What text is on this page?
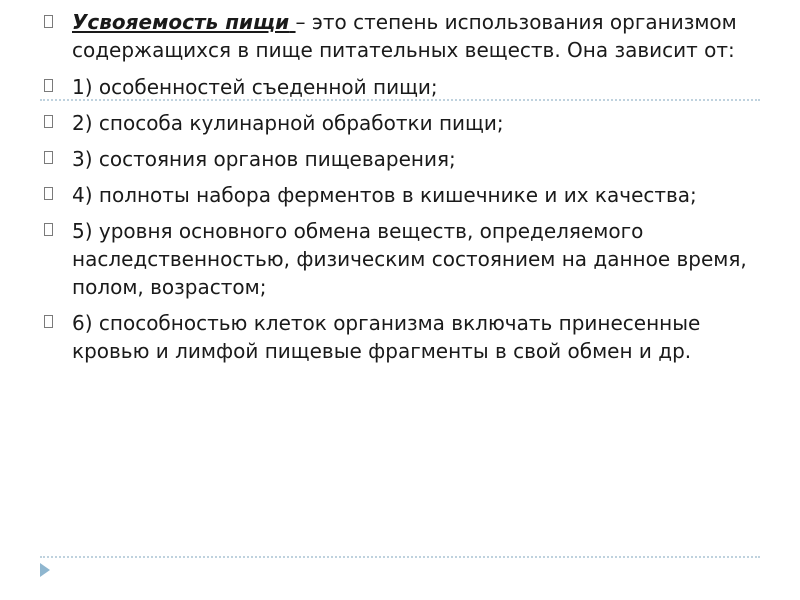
Усвояемость пищи – это степень использования организмом содержащихся в пище питательных веществ. Она зависит от:
1) особенностей съеденной пищи;
2) способа кулинарной обработки пищи;
3) состояния органов пищеварения;
4) полноты набора ферментов в кишечнике и их качества;
5) уровня основного обмена веществ, определяемого наследственностью, физическим состоянием на данное время, полом, возрастом;
6) способностью клеток организма включать принесенные кровью и лимфой пищевые фрагменты в свой обмен и др.
